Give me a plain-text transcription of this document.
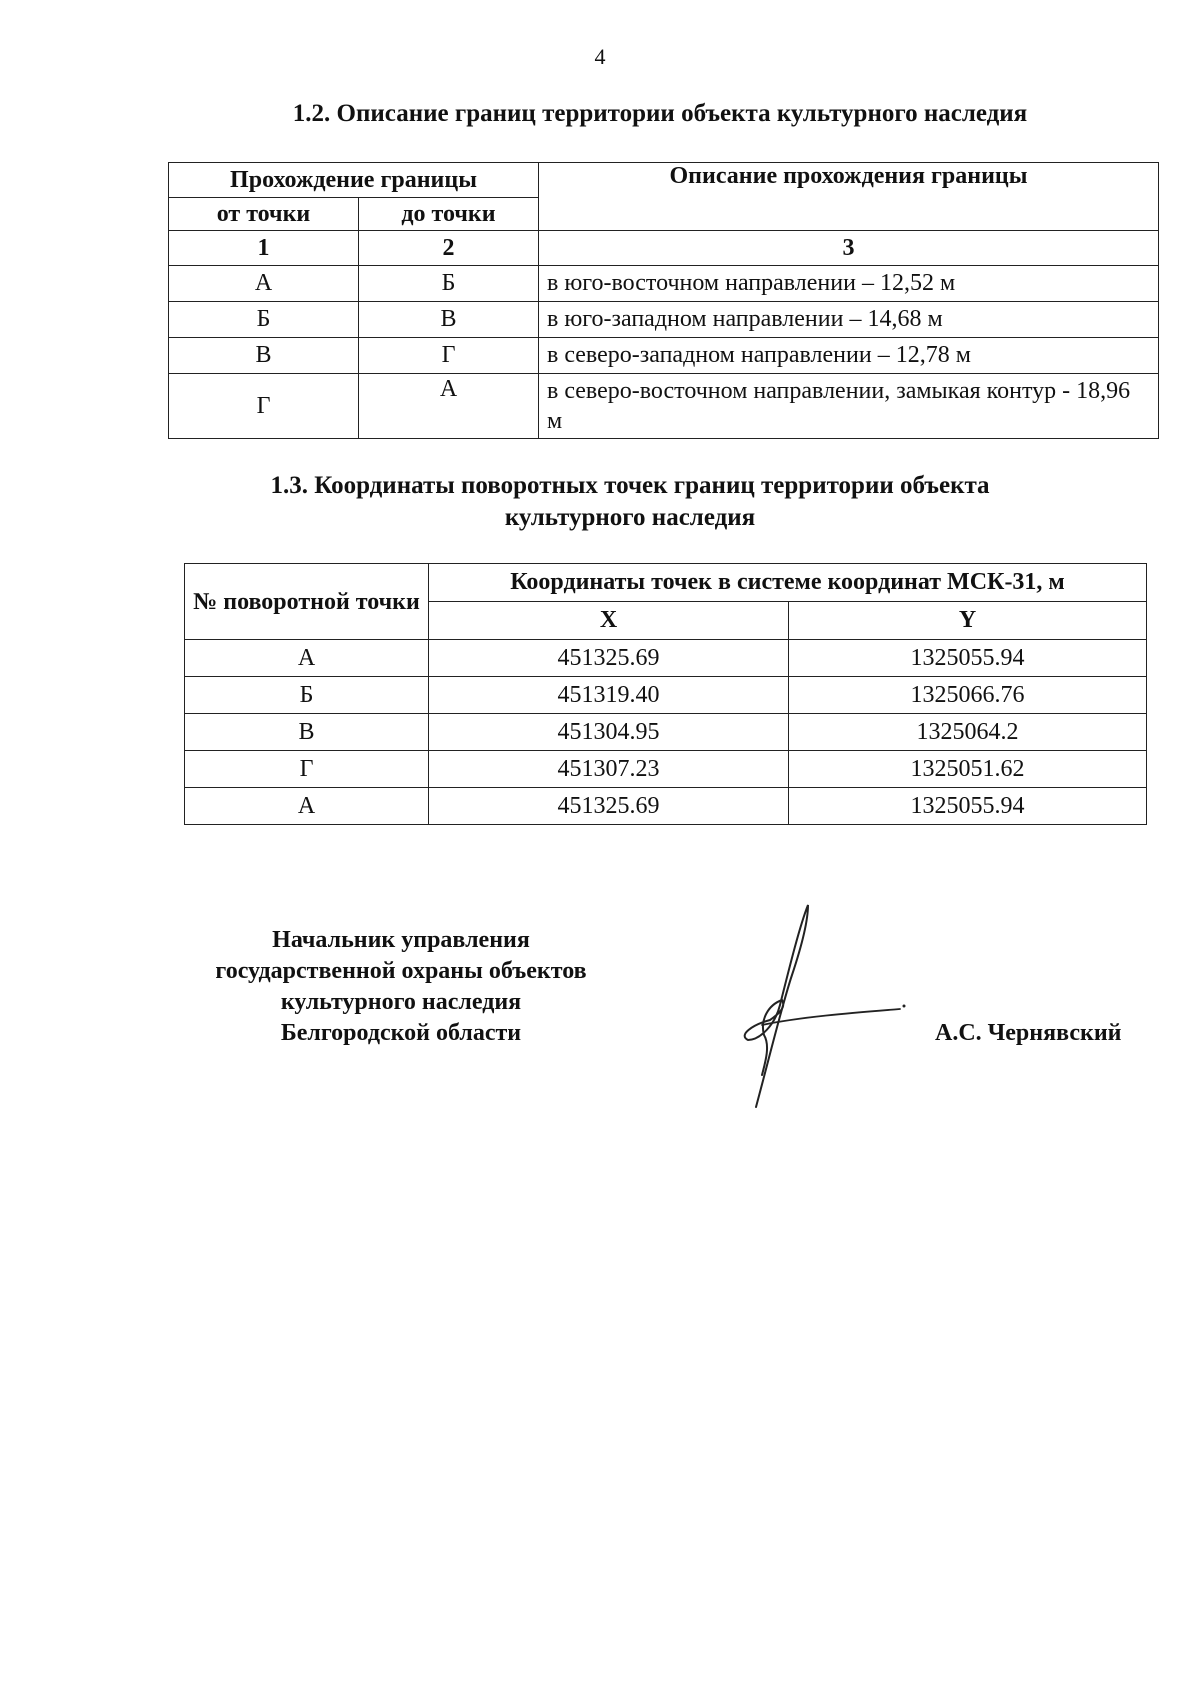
4
1.2. Описание границ территории объекта культурного наследия
Прохождение границы		Описание прохождения границы
от точки	до точки	
1	2	3
А	Б	в юго-восточном направлении – 12,52 м
Б	В	в юго-западном направлении – 14,68 м
В	Г	в северо-западном направлении – 12,78 м
Г	А	в северо-восточном направлении, замыкая контур - 18,96 м
1.3. Координаты поворотных точек границ территории объекта
культурного наследия
№ поворотной точки	Координаты точек в системе координат МСК-31, м	
	X	Y
А	451325.69	1325055.94
Б	451319.40	1325066.76
В	451304.95	1325064.2
Г	451307.23	1325051.62
А	451325.69	1325055.94
Начальник управления
государственной охраны объектов
культурного наследия
Белгородской области	А.С. Чернявский
